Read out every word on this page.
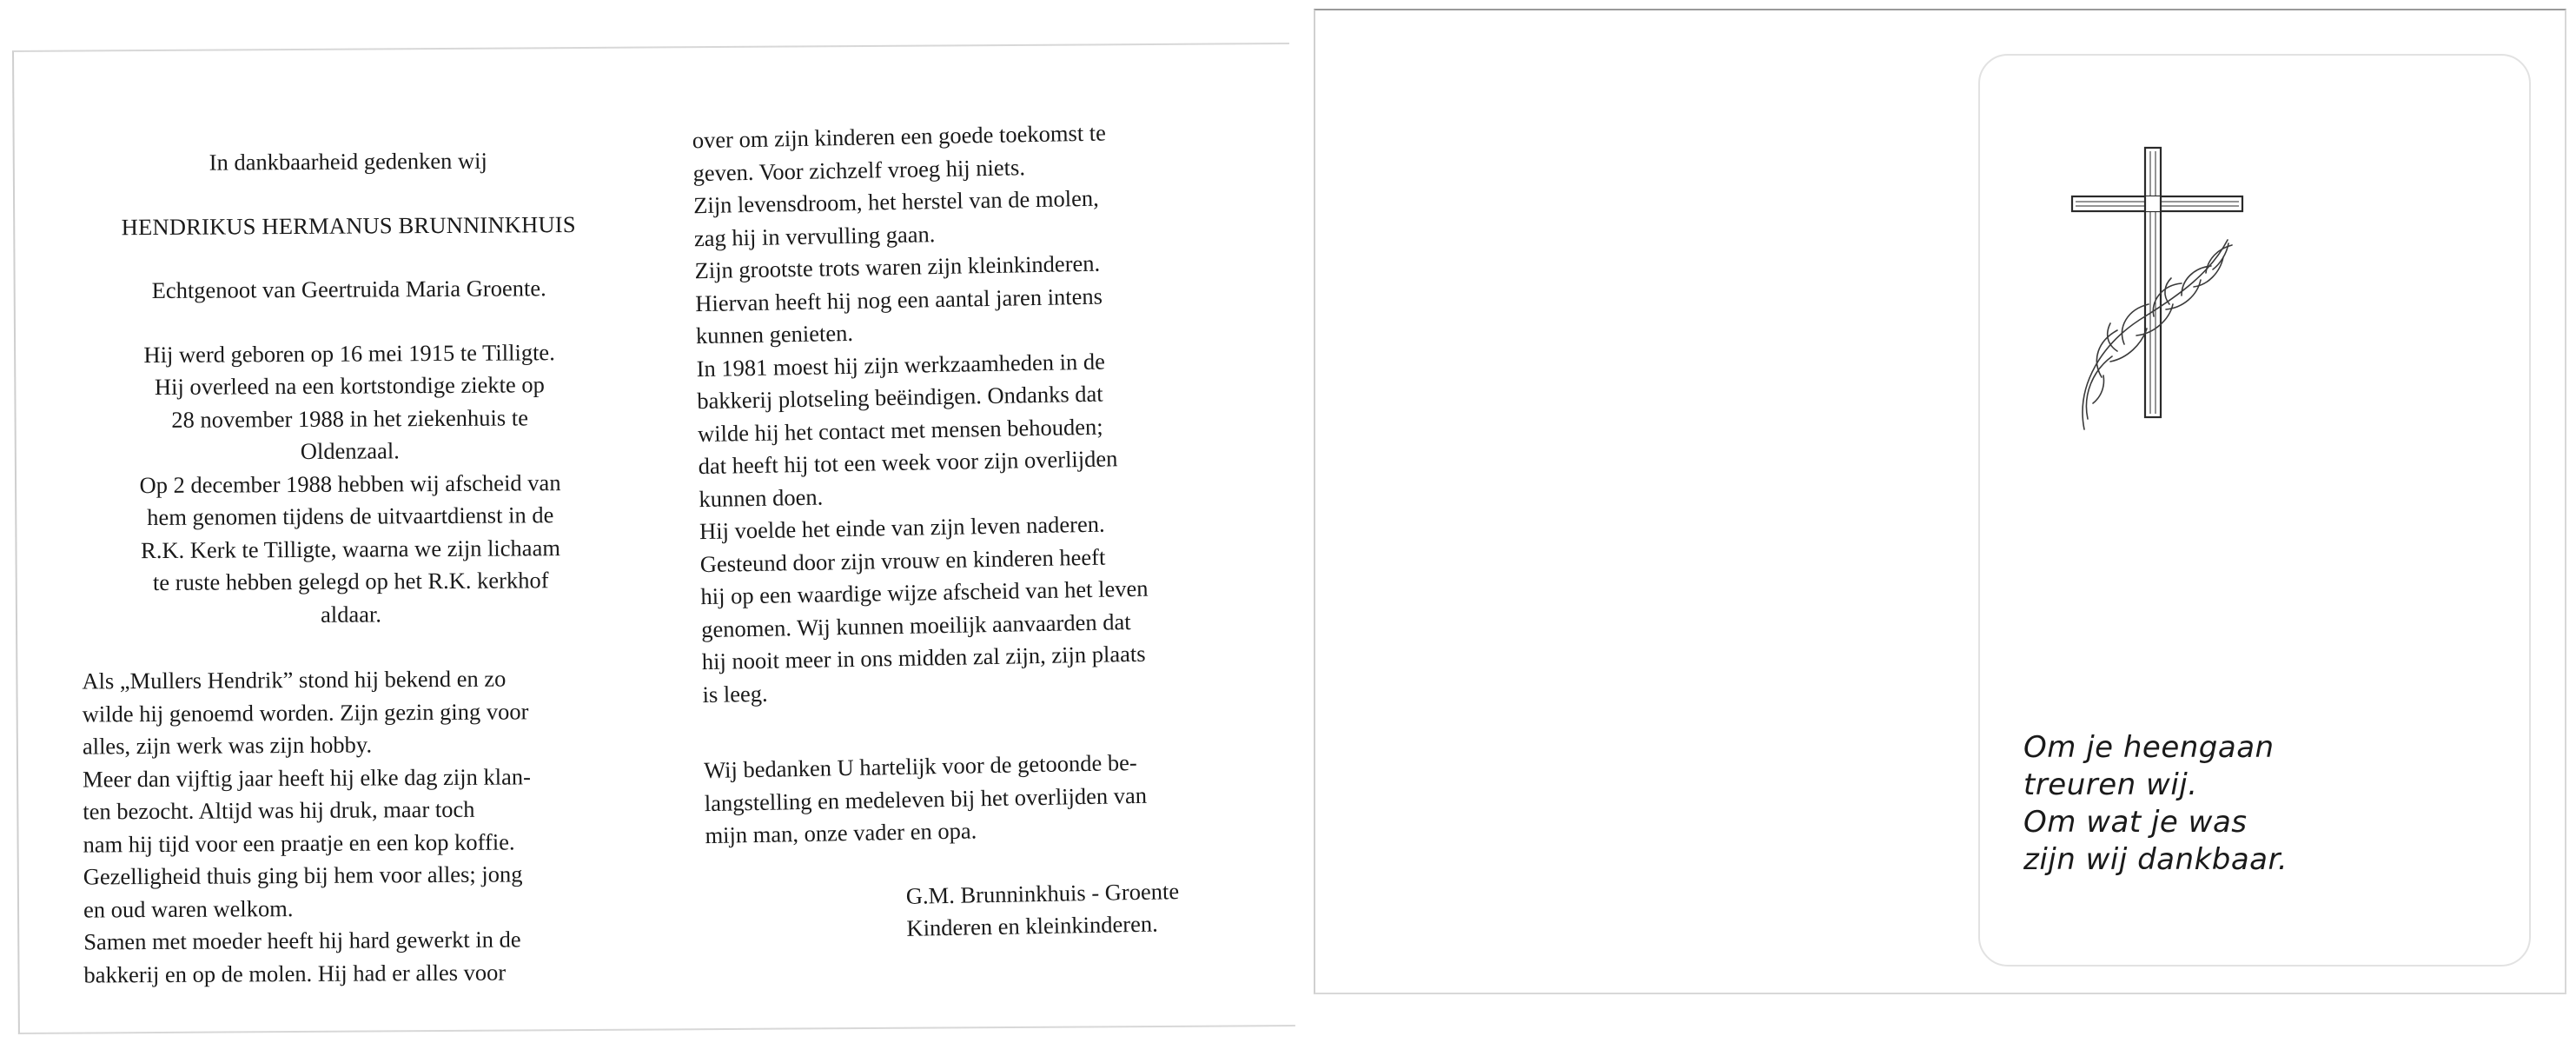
In dankbaarheid gedenken wij

HENDRIKUS HERMANUS BRUNNINKHUIS

Echtgenoot van Geertruida Maria Groente.

Hij werd geboren op 16 mei 1915 te Tilligte.

Hij overleed na een kortstondige ziekte op

28 november 1988 in het ziekenhuis te

Oldenzaal.

Op 2 december 1988 hebben wij afscheid van

hem genomen tijdens de uitvaartdienst in de

R.K. Kerk te Tilligte, waarna we zijn lichaam

te ruste hebben gelegd op het R.K. kerkhof

aldaar.

Als „Mullers Hendrik” stond hij bekend en zo

wilde hij genoemd worden. Zijn gezin ging voor

alles, zijn werk was zijn hobby.

Meer dan vijftig jaar heeft hij elke dag zijn klan-

ten bezocht. Altijd was hij druk, maar toch

nam hij tijd voor een praatje en een kop koffie.

Gezelligheid thuis ging bij hem voor alles; jong

en oud waren welkom.

Samen met moeder heeft hij hard gewerkt in de

bakkerij en op de molen. Hij had er alles voor

over om zijn kinderen een goede toekomst te

geven. Voor zichzelf vroeg hij niets.

Zijn levensdroom, het herstel van de molen,

zag hij in vervulling gaan.

Zijn grootste trots waren zijn kleinkinderen.

Hiervan heeft hij nog een aantal jaren intens

kunnen genieten.

In 1981 moest hij zijn werkzaamheden in de

bakkerij plotseling beëindigen. Ondanks dat

wilde hij het contact met mensen behouden;

dat heeft hij tot een week voor zijn overlijden

kunnen doen.

Hij voelde het einde van zijn leven naderen.

Gesteund door zijn vrouw en kinderen heeft

hij op een waardige wijze afscheid van het leven

genomen. Wij kunnen moeilijk aanvaarden dat

hij nooit meer in ons midden zal zijn, zijn plaats

is leeg.

Wij bedanken U hartelijk voor de getoonde be-

langstelling en medeleven bij het overlijden van

mijn man, onze vader en opa.

G.M. Brunninkhuis - Groente

Kinderen en kleinkinderen.

Om je heengaan
treuren wij.
Om wat je was
zijn wij dankbaar.
